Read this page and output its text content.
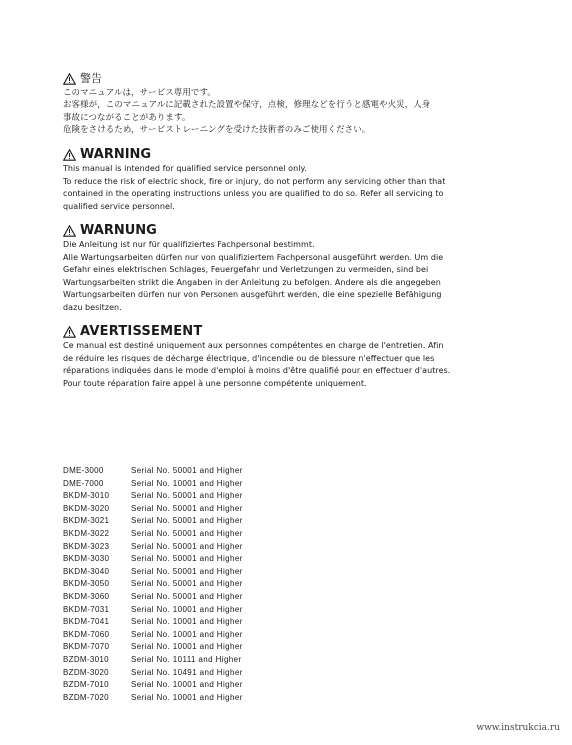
警告
このマニュアルは，サービス専用です。
お客様が，このマニュアルに記載された設置や保守，点検，修理などを行うと感電や火災，人身
事故につながることがあります。
危険をさけるため，サービストレーニングを受けた技術者のみご使用ください。
WARNING
This manual is intended for qualified service personnel only.
To reduce the risk of electric shock, fire or injury, do not perform any servicing other than that
contained in the operating instructions unless you are qualified to do so. Refer all servicing to
qualified service personnel.
WARNUNG
Die Anleitung ist nur für qualifiziertes Fachpersonal bestimmt.
Alle Wartungsarbeiten dürfen nur von qualifiziertem Fachpersonal ausgeführt werden. Um die
Gefahr eines elektrischen Schlages, Feuergefahr und Verletzungen zu vermeiden, sind bei
Wartungsarbeiten strikt die Angaben in der Anleitung zu befolgen. Andere als die angegeben
Wartungsarbeiten dürfen nur von Personen ausgeführt werden, die eine spezielle Befähigung
dazu besitzen.
AVERTISSEMENT
Ce manual est destiné uniquement aux personnes compétentes en charge de l'entretien. Afin
de réduire les risques de décharge électrique, d'incendie ou de blessure n'effectuer que les
réparations indiquées dans le mode d'emploi à moins d'être qualifié pour en effectuer d'autres.
Pour toute réparation faire appel à une personne compétente uniquement.
DME-3000	Serial No. 50001 and Higher
DME-7000	Serial No. 10001 and Higher
BKDM-3010	Serial No. 50001 and Higher
BKDM-3020	Serial No. 50001 and Higher
BKDM-3021	Serial No. 50001 and Higher
BKDM-3022	Serial No. 50001 and Higher
BKDM-3023	Serial No. 50001 and Higher
BKDM-3030	Serial No. 50001 and Higher
BKDM-3040	Serial No. 50001 and Higher
BKDM-3050	Serial No. 50001 and Higher
BKDM-3060	Serial No. 50001 and Higher
BKDM-7031	Serial No. 10001 and Higher
BKDM-7041	Serial No. 10001 and Higher
BKDM-7060	Serial No. 10001 and Higher
BKDM-7070	Serial No. 10001 and Higher
BZDM-3010	Serial No. 10111 and Higher
BZDM-3020	Serial No. 10491 and Higher
BZDM-7010	Serial No. 10001 and Higher
BZDM-7020	Serial No. 10001 and Higher
www.instrukcia.ru
